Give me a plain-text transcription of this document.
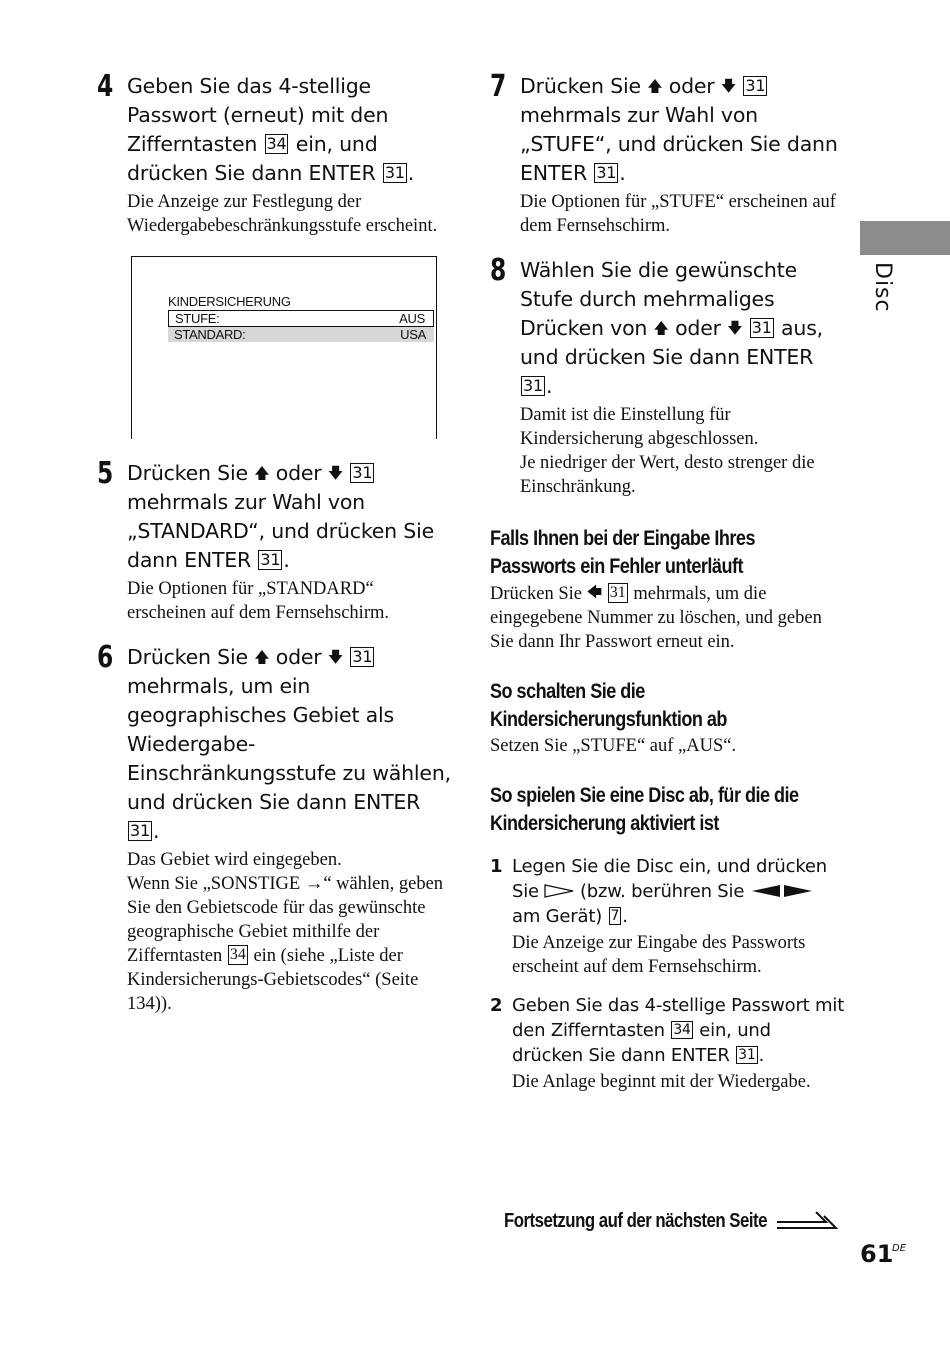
Disc
4 Geben Sie das 4-stellige Passwort (erneut) mit den Zifferntasten 34 ein, und drücken Sie dann ENTER 31 .
Die Anzeige zur Festlegung der Wiedergabebeschränkungsstufe erscheint.
KINDERSICHERUNG
STUFE:	AUS
STANDARD:	USA
5 Drücken Sie 🡅 oder 🡇 31 mehrmals zur Wahl von „STANDARD“, und drücken Sie dann ENTER 31 .
Die Optionen für „STANDARD“ erscheinen auf dem Fernsehschirm.
6 Drücken Sie 🡅 oder 🡇 31 mehrmals, um ein geographisches Gebiet als Wiedergabe-Einschränkungsstufe zu wählen, und drücken Sie dann ENTER 31 .
Das Gebiet wird eingegeben.
Wenn Sie „SONSTIGE →“ wählen, geben Sie den Gebietscode für das gewünschte geographische Gebiet mithilfe der Zifferntasten 34 ein (siehe „Liste der Kindersicherungs-Gebietscodes“ (Seite 134)).
7 Drücken Sie 🡅 oder 🡇 31 mehrmals zur Wahl von „STUFE“, und drücken Sie dann ENTER 31 .
Die Optionen für „STUFE“ erscheinen auf dem Fernsehschirm.
8 Wählen Sie die gewünschte Stufe durch mehrmaliges Drücken von 🡅 oder 🡇 31 aus, und drücken Sie dann ENTER 31 .
Damit ist die Einstellung für Kindersicherung abgeschlossen.
Je niedriger der Wert, desto strenger die Einschränkung.
Falls Ihnen bei der Eingabe Ihres Passworts ein Fehler unterläuft
Drücken Sie 🡄 31 mehrmals, um die eingegebene Nummer zu löschen, und geben Sie dann Ihr Passwort erneut ein.
So schalten Sie die Kindersicherungsfunktion ab
Setzen Sie „STUFE“ auf „AUS“.
So spielen Sie eine Disc ab, für die die Kindersicherung aktiviert ist
1 Legen Sie die Disc ein, und drücken Sie  (bzw. berühren Sie  am Gerät) 7 .
Die Anzeige zur Eingabe des Passworts erscheint auf dem Fernsehschirm.
2 Geben Sie das 4-stellige Passwort mit den Zifferntasten 34 ein, und drücken Sie dann ENTER 31 .
Die Anlage beginnt mit der Wiedergabe.
Fortsetzung auf der nächsten Seite
61
DE
